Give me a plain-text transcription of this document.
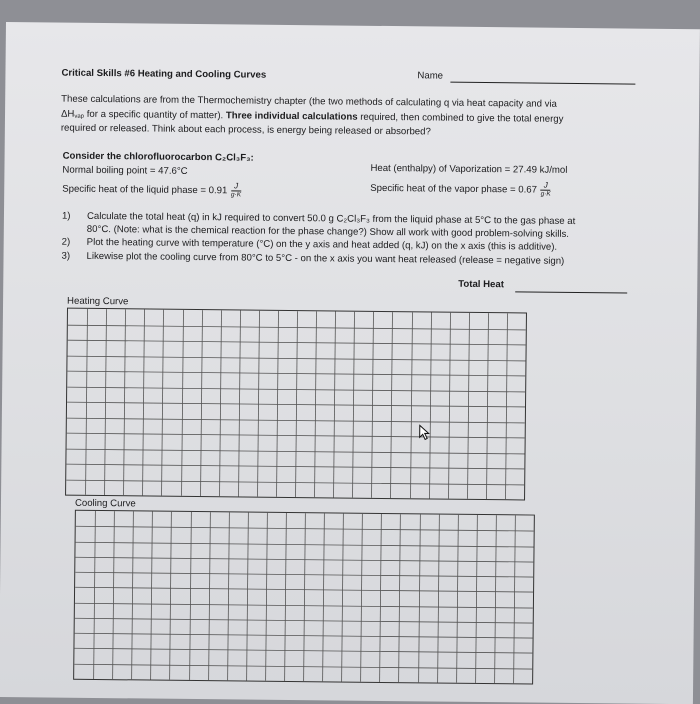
Critical Skills #6 Heating and Cooling Curves	Name
These calculations are from the Thermochemistry chapter (the two methods of calculating q via heat capacity and via
ΔHvap for a specific quantity of matter). Three individual calculations required, then combined to give the total energy
required or released. Think about each process, is energy being released or absorbed?
Consider the chlorofluorocarbon C₂Cl₃F₃:
Normal boiling point = 47.6°C
Specific heat of the liquid phase = $0.91 \frac{J}{g\cdot K}$
Heat (enthalpy) of Vaporization = 27.49 kJ/mol
Specific heat of the vapor phase = $0.67 \frac{J}{g\cdot K}$
1) Calculate the total heat (q) in kJ required to convert 50.0 g C₂Cl₃F₃ from the liquid phase at 5°C to the gas phase at
80°C. (Note: what is the chemical reaction for the phase change?) Show all work with good problem-solving skills.
2) Plot the heating curve with temperature (°C) on the y axis and heat added (q, kJ) on the x axis (this is additive).
3) Likewise plot the cooling curve from 80°C to 5°C - on the x axis you want heat released (release = negative sign)
Total Heat
Heating Curve
Cooling Curve
